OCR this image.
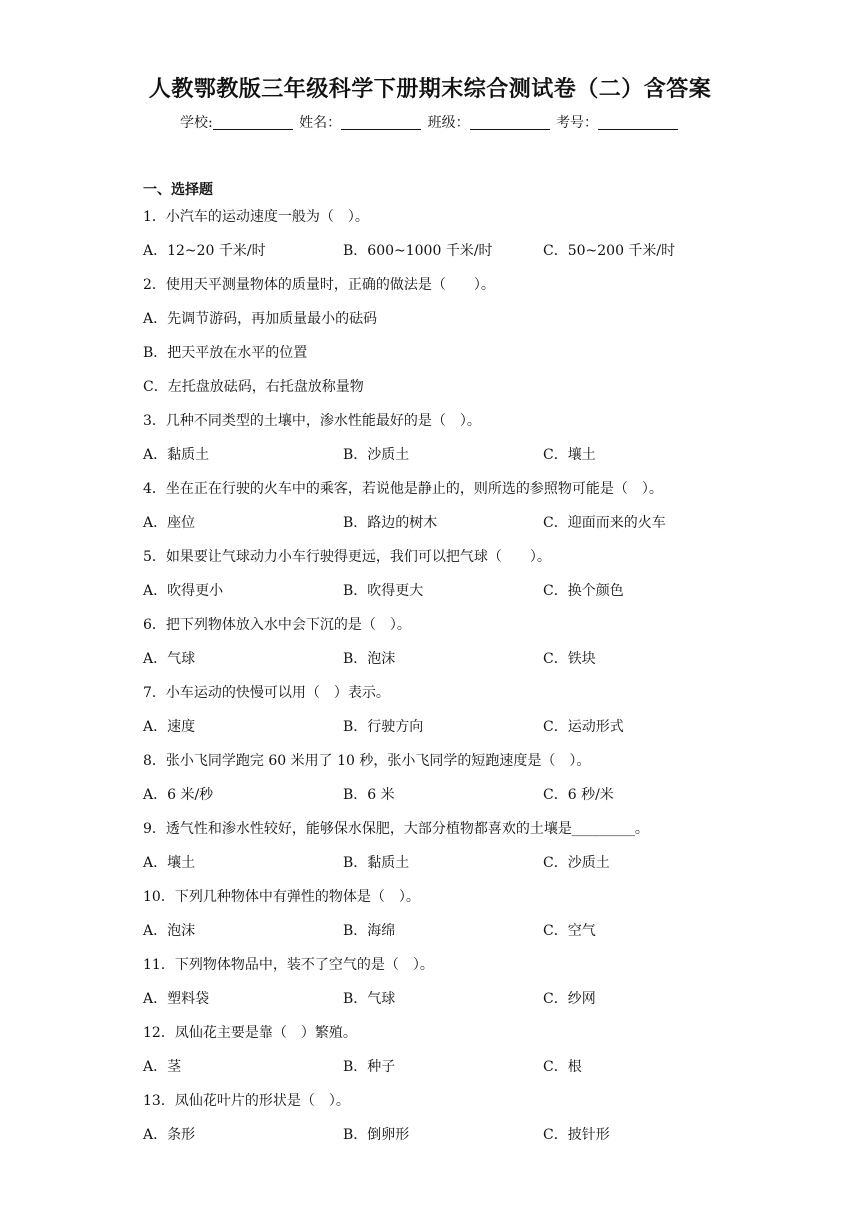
人教鄂教版三年级科学下册期末综合测试卷（二）含答案
学校:	姓名：	班级：	考号：
一、选择题
1．小汽车的运动速度一般为（　）。
A．12~20 千米/时	B．600~1000 千米/时	C．50~200 千米/时
2．使用天平测量物体的质量时，正确的做法是（　　）。
A．先调节游码，再加质量最小的砝码
B．把天平放在水平的位置
C．左托盘放砝码，右托盘放称量物
3．几种不同类型的土壤中，渗水性能最好的是（　）。
A．黏质土	B．沙质土	C．壤土
4．坐在正在行驶的火车中的乘客，若说他是静止的，则所选的参照物可能是（　）。
A．座位	B．路边的树木	C．迎面而来的火车
5．如果要让气球动力小车行驶得更远，我们可以把气球（　　）。
A．吹得更小	B．吹得更大	C．换个颜色
6．把下列物体放入水中会下沉的是（　）。
A．气球	B．泡沫	C．铁块
7．小车运动的快慢可以用（　）表示。
A．速度	B．行驶方向	C．运动形式
8．张小飞同学跑完 60 米用了 10 秒，张小飞同学的短跑速度是（　）。
A．6 米/秒	B．6 米	C．6 秒/米
9．透气性和渗水性较好，能够保水保肥，大部分植物都喜欢的土壤是_________。
A．壤土	B．黏质土	C．沙质土
10．下列几种物体中有弹性的物体是（　）。
A．泡沫	B．海绵	C．空气
11．下列物体物品中，装不了空气的是（　）。
A．塑料袋	B．气球	C．纱网
12．凤仙花主要是靠（　）繁殖。
A．茎	B．种子	C．根
13．凤仙花叶片的形状是（　）。
A．条形	B．倒卵形	C．披针形
